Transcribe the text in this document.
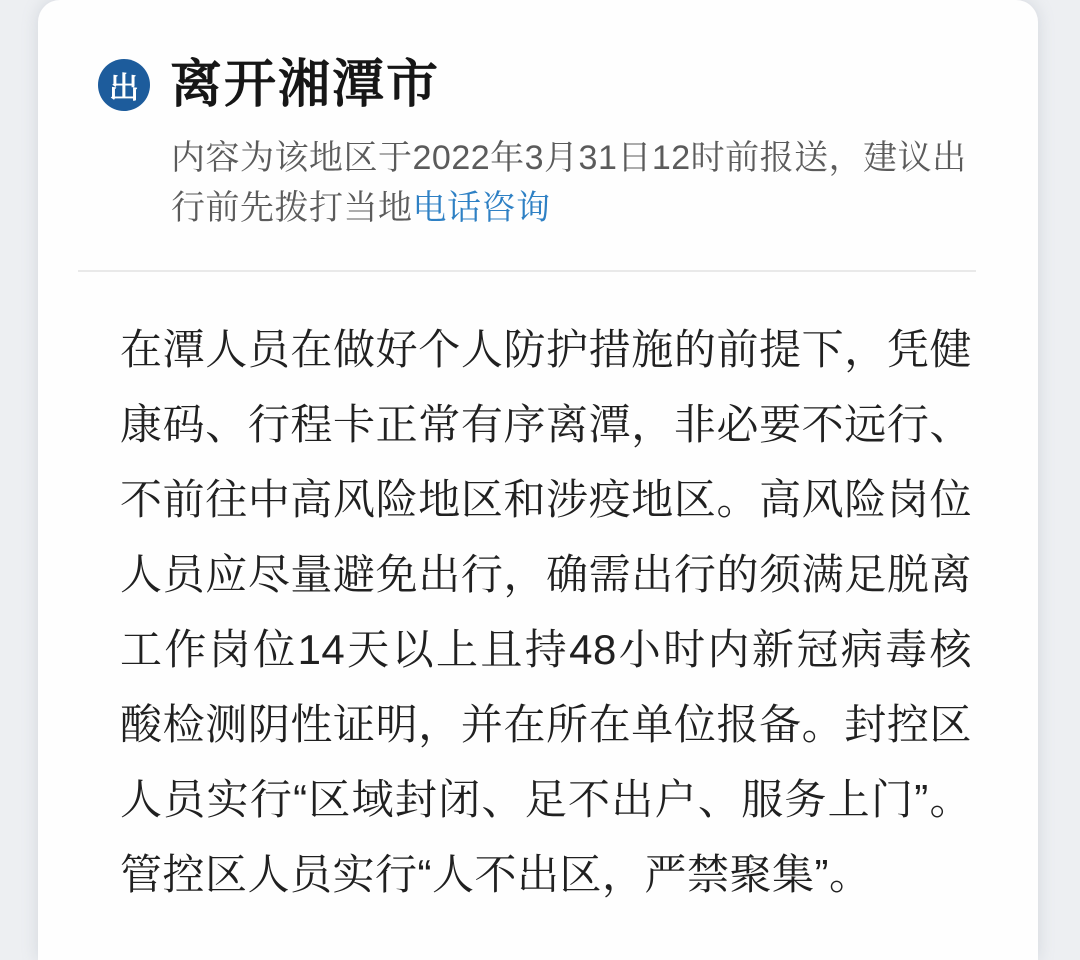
出 离开湘潭市
内容为该地区于2022年3月31日12时前报送，建议出行前先拨打当地电话咨询

在潭人员在做好个人防护措施的前提下，凭健康码、行程卡正常有序离潭，非必要不远行、不前往中高风险地区和涉疫地区。高风险岗位人员应尽量避免出行，确需出行的须满足脱离工作岗位14天以上且持48小时内新冠病毒核酸检测阴性证明，并在所在单位报备。封控区人员实行“区域封闭、足不出户、服务上门”。管控区人员实行“人不出区，严禁聚集”。
